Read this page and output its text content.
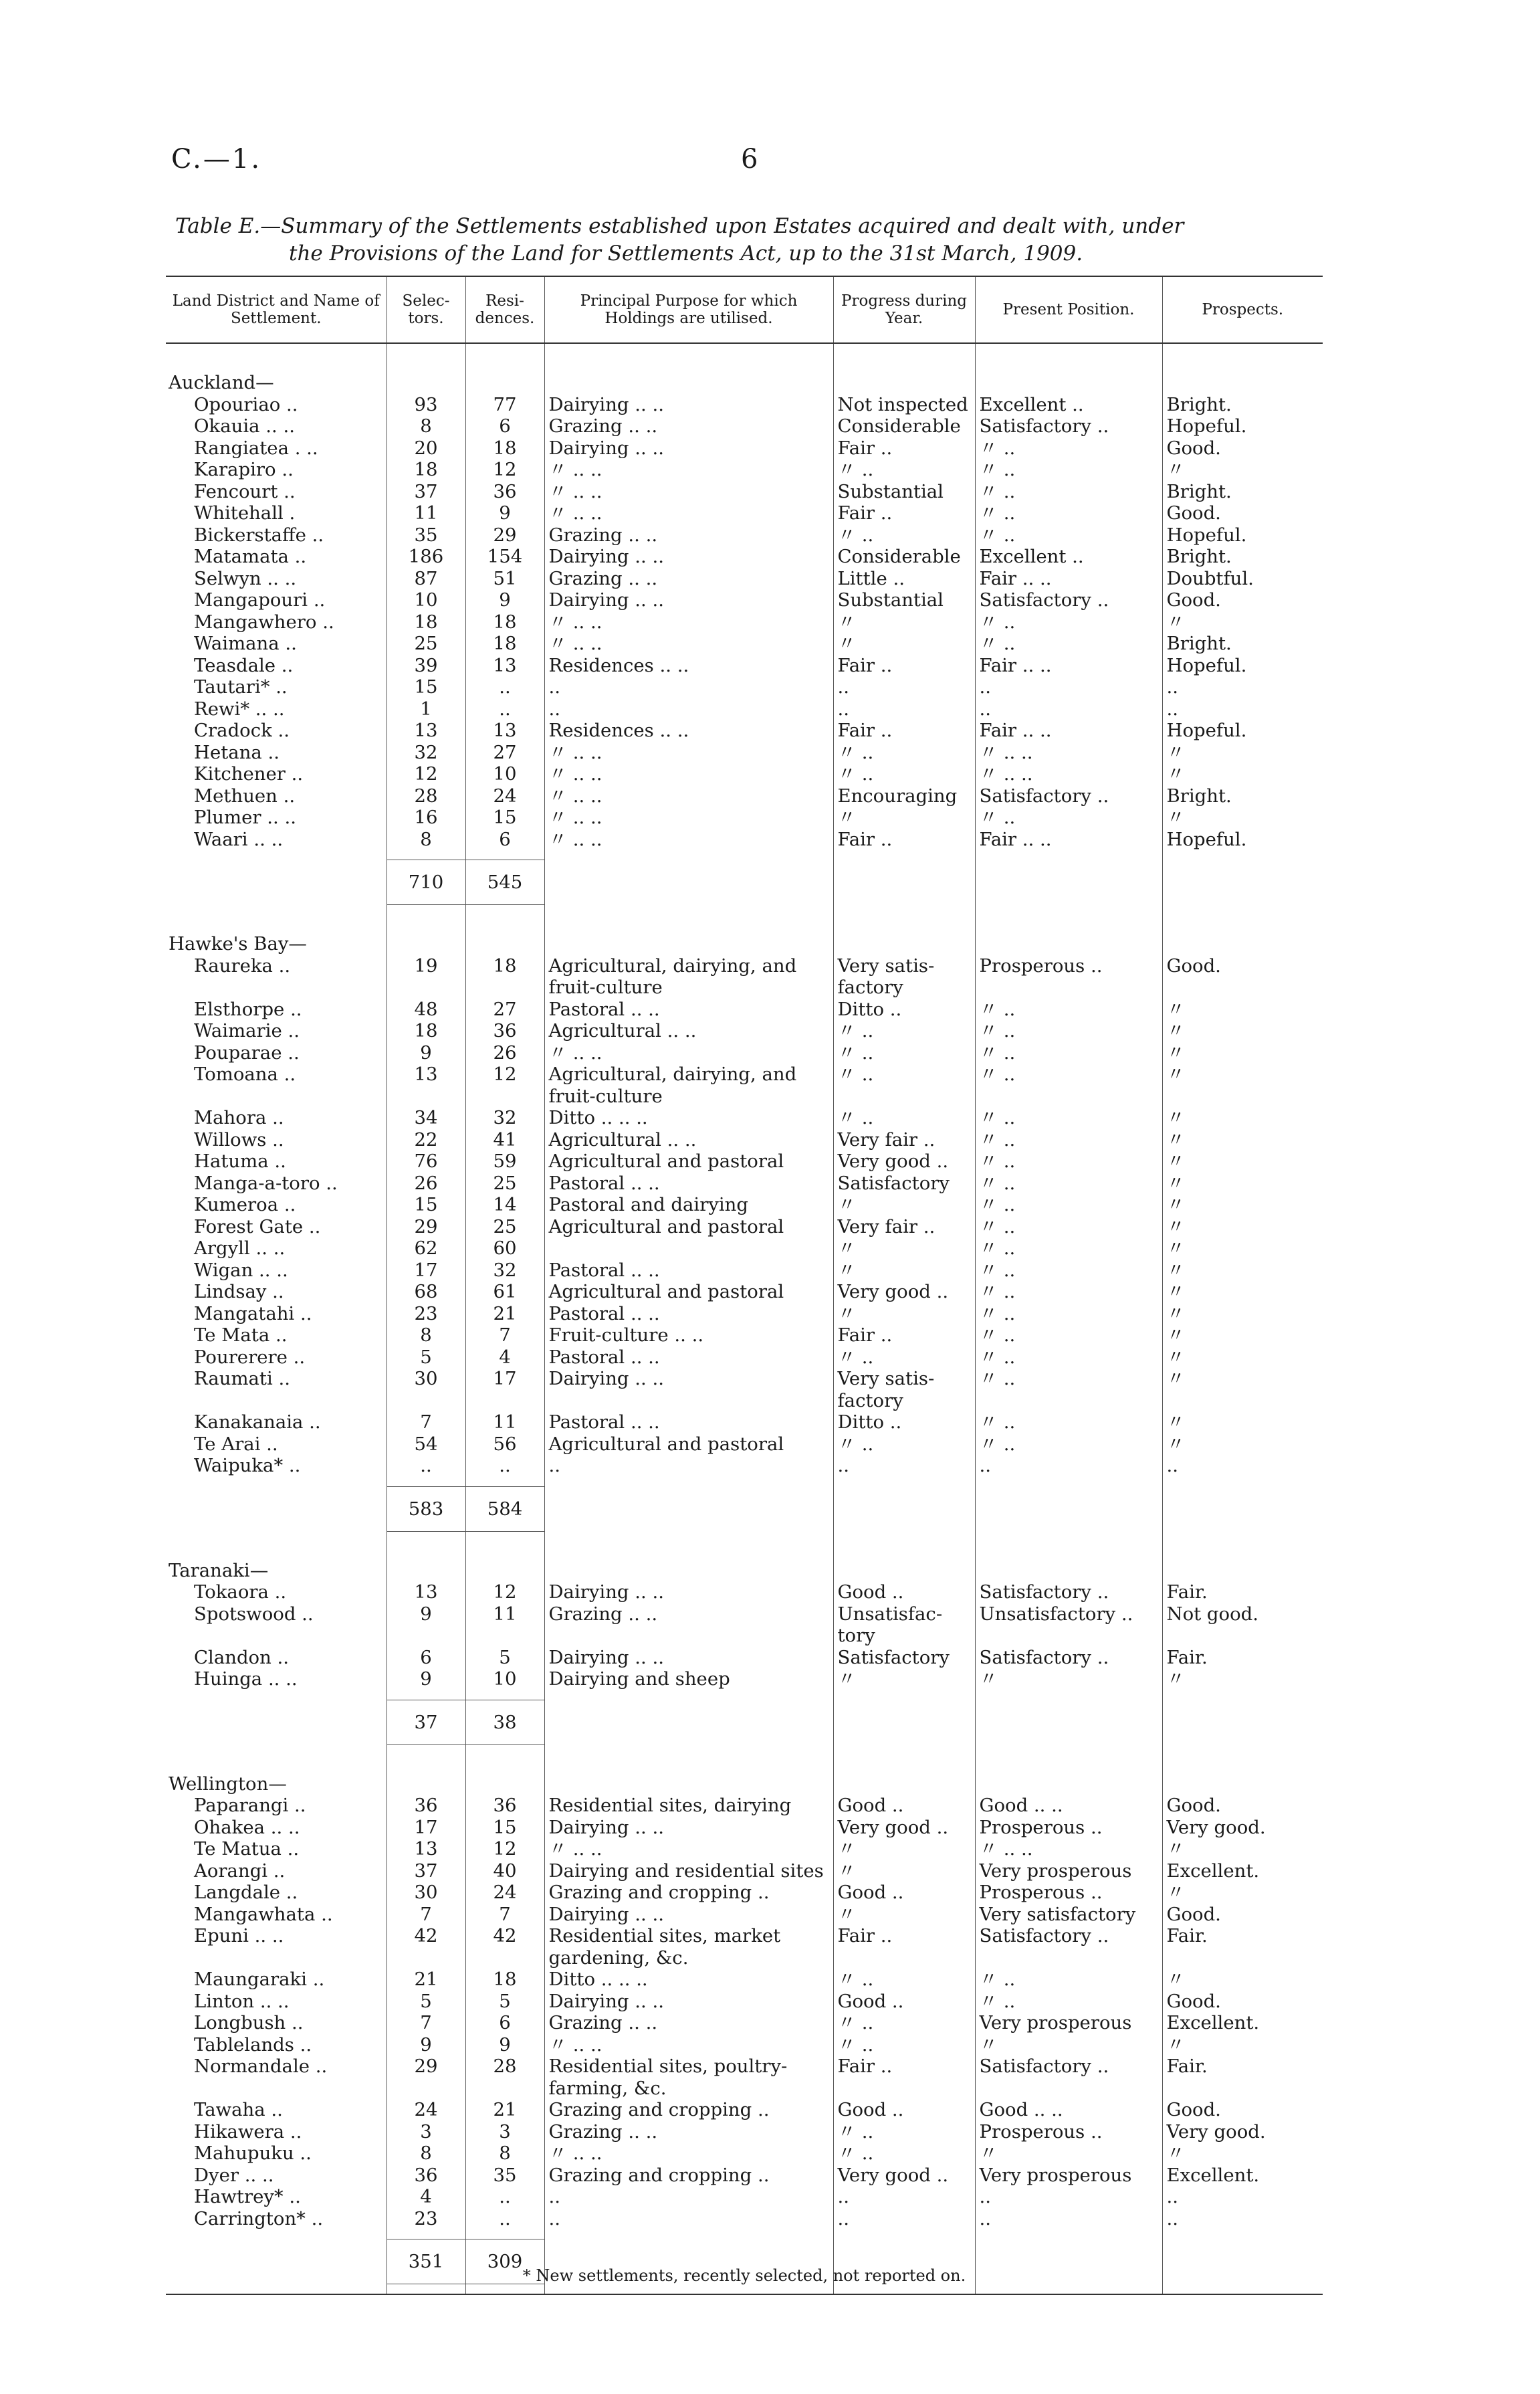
C.—1.	6
Table E.—Summary of the Settlements established upon Estates acquired and dealt with, under
the Provisions of the Land for Settlements Act, up to the 31st March, 1909.
Land District and Name of Settlement.	Selec-tors.	Resi-dences.	Principal Purpose for which Holdings are utilised.	Progress during Year.	Present Position.	Prospects.

Auckland—						
Opouriao ..	93	77	Dairying .. ..	Not inspected	Excellent ..	Bright.
Okauia .. ..	8	6	Grazing .. ..	Considerable	Satisfactory ..	Hopeful.
Rangiatea . ..	20	18	Dairying .. ..	Fair ..	〃 ..	Good.
Karapiro ..	18	12	〃 .. ..	〃 ..	〃 ..	〃
Fencourt ..	37	36	〃 .. ..	Substantial	〃 ..	Bright.
Whitehall .	11	9	〃 .. ..	Fair ..	〃 ..	Good.
Bickerstaffe ..	35	29	Grazing .. ..	〃 ..	〃 ..	Hopeful.
Matamata ..	186	154	Dairying .. ..	Considerable	Excellent ..	Bright.
Selwyn .. ..	87	51	Grazing .. ..	Little ..	Fair .. ..	Doubtful.
Mangapouri ..	10	9	Dairying .. ..	Substantial	Satisfactory ..	Good.
Mangawhero ..	18	18	〃 .. ..	〃	〃 ..	〃
Waimana ..	25	18	〃 .. ..	〃	〃 ..	Bright.
Teasdale ..	39	13	Residences .. ..	Fair ..	Fair .. ..	Hopeful.
Tautari* ..	15	..	..	..	..	..
Rewi* .. ..	1	..	..	..	..	..
Cradock ..	13	13	Residences .. ..	Fair ..	Fair .. ..	Hopeful.
Hetana ..	32	27	〃 .. ..	〃 ..	〃 .. ..	〃
Kitchener ..	12	10	〃 .. ..	〃 ..	〃 .. ..	〃
Methuen ..	28	24	〃 .. ..	Encouraging	Satisfactory ..	Bright.
Plumer .. ..	16	15	〃 .. ..	〃	〃 ..	〃
Waari .. ..	8	6	〃 .. ..	Fair ..	Fair .. ..	Hopeful.

	710	545				

Hawke's Bay—						
Raureka ..	19	18	Agricultural, dairying, and fruit-culture	Very satis-factory	Prosperous ..	Good.
Elsthorpe ..	48	27	Pastoral .. ..	Ditto ..	〃 ..	〃
Waimarie ..	18	36	Agricultural .. ..	〃 ..	〃 ..	〃
Pouparae ..	9	26	〃 .. ..	〃 ..	〃 ..	〃
Tomoana ..	13	12	Agricultural, dairying, and fruit-culture	〃 ..	〃 ..	〃
Mahora ..	34	32	Ditto .. .. ..	〃 ..	〃 ..	〃
Willows ..	22	41	Agricultural .. ..	Very fair ..	〃 ..	〃
Hatuma ..	76	59	Agricultural and pastoral	Very good ..	〃 ..	〃
Manga-a-toro ..	26	25	Pastoral .. ..	Satisfactory	〃 ..	〃
Kumeroa ..	15	14	Pastoral and dairying	〃	〃 ..	〃
Forest Gate ..	29	25	Agricultural and pastoral	Very fair ..	〃 ..	〃
Argyll .. ..	62	60		〃	〃 ..	〃
Wigan .. ..	17	32	Pastoral .. ..	〃	〃 ..	〃
Lindsay ..	68	61	Agricultural and pastoral	Very good ..	〃 ..	〃
Mangatahi ..	23	21	Pastoral .. ..	〃	〃 ..	〃
Te Mata ..	8	7	Fruit-culture .. ..	Fair ..	〃 ..	〃
Pourerere ..	5	4	Pastoral .. ..	〃 ..	〃 ..	〃
Raumati ..	30	17	Dairying .. ..	Very satis-factory	〃 ..	〃
Kanakanaia ..	7	11	Pastoral .. ..	Ditto ..	〃 ..	〃
Te Arai ..	54	56	Agricultural and pastoral	〃 ..	〃 ..	〃
Waipuka* ..	..	..	..	..	..	..

	583	584				

Taranaki—						
Tokaora ..	13	12	Dairying .. ..	Good ..	Satisfactory ..	Fair.
Spotswood ..	9	11	Grazing .. ..	Unsatisfac-tory	Unsatisfactory ..	Not good.
Clandon ..	6	5	Dairying .. ..	Satisfactory	Satisfactory ..	Fair.
Huinga .. ..	9	10	Dairying and sheep	〃	〃	〃

	37	38				

Wellington—						
Paparangi ..	36	36	Residential sites, dairying	Good ..	Good .. ..	Good.
Ohakea .. ..	17	15	Dairying .. ..	Very good ..	Prosperous ..	Very good.
Te Matua ..	13	12	〃 .. ..	〃	〃 .. ..	〃
Aorangi ..	37	40	Dairying and residential sites	〃	Very prosperous	Excellent.
Langdale ..	30	24	Grazing and cropping ..	Good ..	Prosperous ..	〃
Mangawhata ..	7	7	Dairying .. ..	〃	Very satisfactory	Good.
Epuni .. ..	42	42	Residential sites, market gardening, &c.	Fair ..	Satisfactory ..	Fair.
Maungaraki ..	21	18	Ditto .. .. ..	〃 ..	〃 ..	〃
Linton .. ..	5	5	Dairying .. ..	Good ..	〃 ..	Good.
Longbush ..	7	6	Grazing .. ..	〃 ..	Very prosperous	Excellent.
Tablelands ..	9	9	〃 .. ..	〃 ..	〃	〃
Normandale ..	29	28	Residential sites, poultry-farming, &c.	Fair ..	Satisfactory ..	Fair.
Tawaha ..	24	21	Grazing and cropping ..	Good ..	Good .. ..	Good.
Hikawera ..	3	3	Grazing .. ..	〃 ..	Prosperous ..	Very good.
Mahupuku ..	8	8	〃 .. ..	〃 ..	〃	〃
Dyer .. ..	36	35	Grazing and cropping ..	Very good ..	Very prosperous	Excellent.
Hawtrey* ..	4	..	..	..	..	..
Carrington* ..	23	..	..	..	..	..

	351	309				

* New settlements, recently selected, not reported on.
